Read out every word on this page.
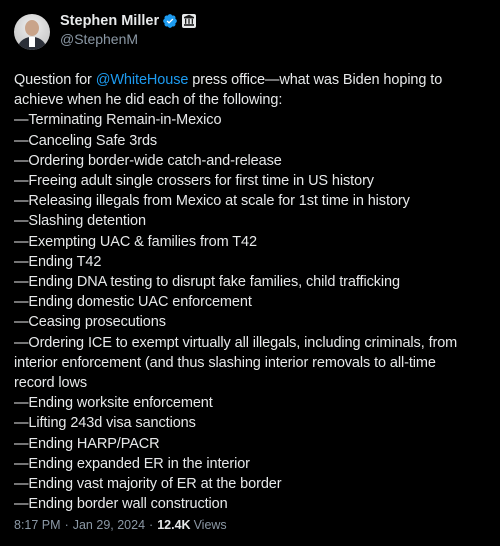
Stephen Miller
@StephenM
Question for @WhiteHouse press office—what was Biden hoping to
achieve when he did each of the following:
—Terminating Remain-in-Mexico
—Canceling Safe 3rds
—Ordering border-wide catch-and-release
—Freeing adult single crossers for first time in US history
—Releasing illegals from Mexico at scale for 1st time in history
—Slashing detention
—Exempting UAC & families from T42
—Ending T42
—Ending DNA testing to disrupt fake families, child trafficking
—Ending domestic UAC enforcement
—Ceasing prosecutions
—Ordering ICE to exempt virtually all illegals, including criminals, from
interior enforcement (and thus slashing interior removals to all-time
record lows
—Ending worksite enforcement
—Lifting 243d visa sanctions
—Ending HARP/PACR
—Ending expanded ER in the interior
—Ending vast majority of ER at the border
—Ending border wall construction
8:17 PM · Jan 29, 2024 · 12.4K Views
